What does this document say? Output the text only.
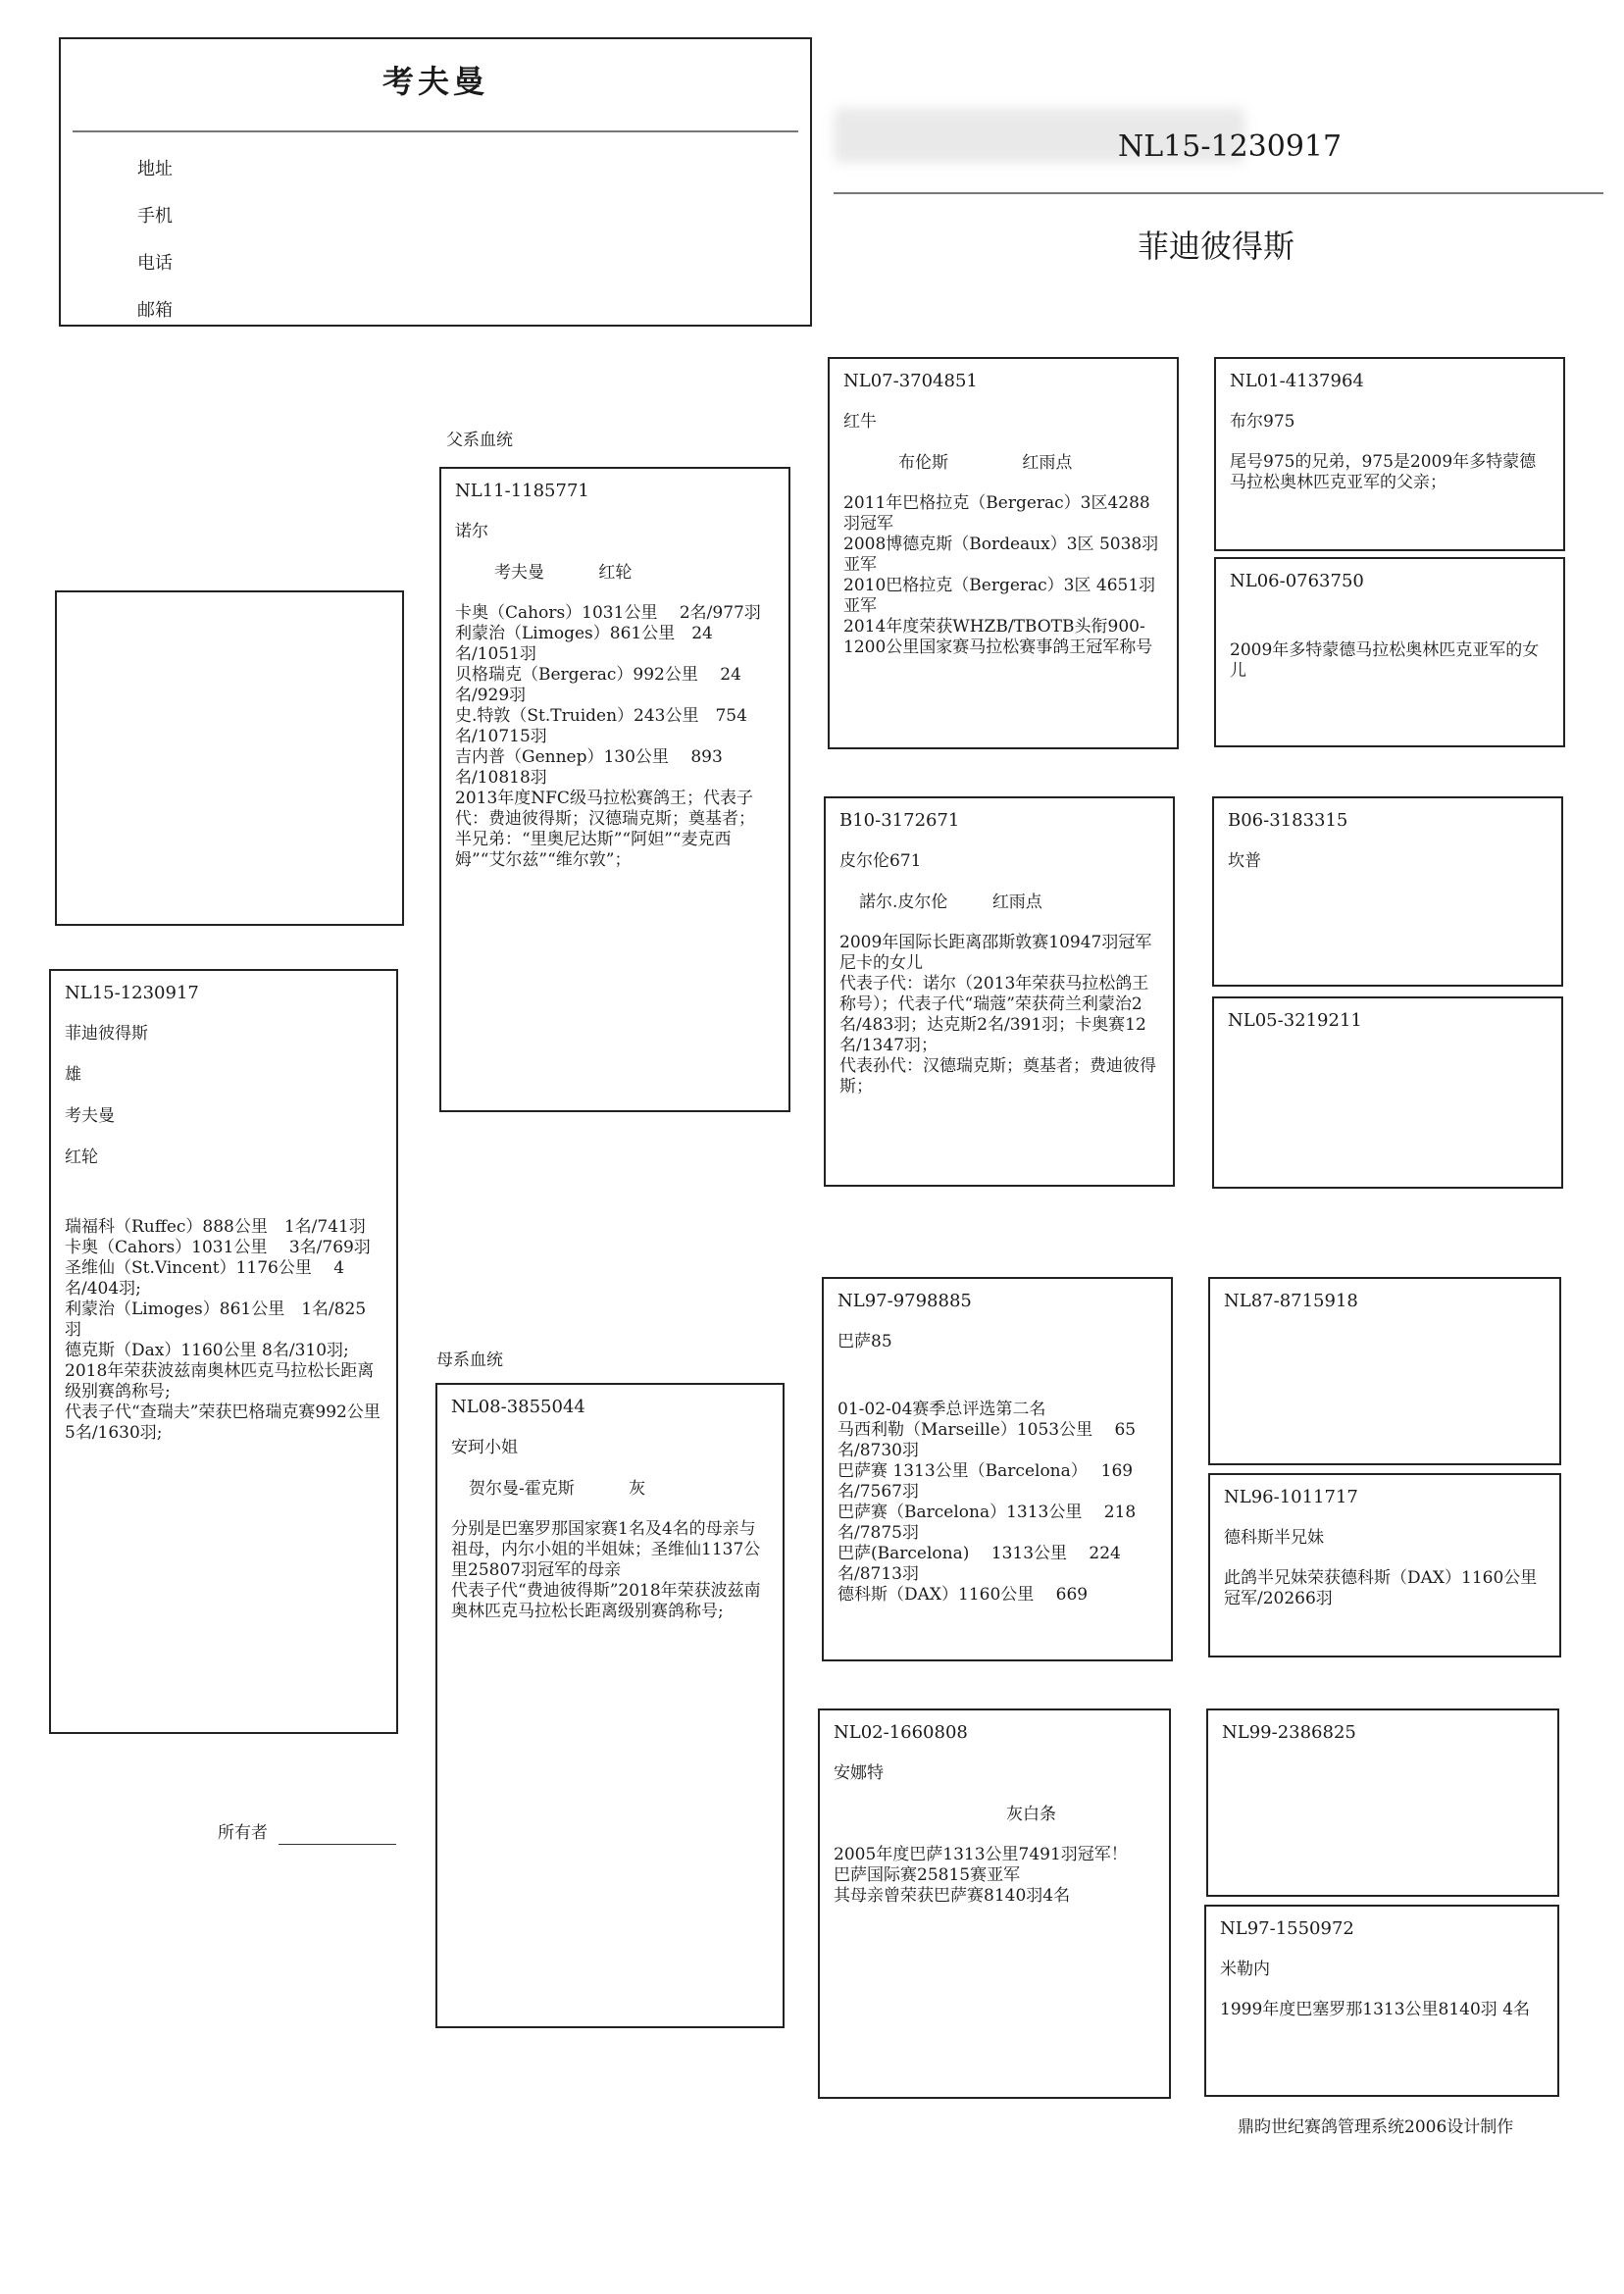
考夫曼
地址
手机
电话
邮箱
NL15-1230917
菲迪彼得斯
NL15-1230917
菲迪彼得斯
雄
考夫曼
红轮
瑞福科（Ruffec）888公里　1名/741羽
卡奥（Cahors）1031公里　 3名/769羽
圣维仙（St.Vincent）1176公里　 4名/404羽;
利蒙治（Limoges）861公里　1名/825羽
德克斯（Dax）1160公里 8名/310羽;
2018年荣获波兹南奥林匹克马拉松长距离级别赛鸽称号;
代表子代“查瑞夫”荣获巴格瑞克赛992公里5名/1630羽;
父系血统
母系血统
NL11-1185771
诺尔
考夫曼	红轮
卡奥（Cahors）1031公里　 2名/977羽
利蒙治（Limoges）861公里　24名/1051羽
贝格瑞克（Bergerac）992公里　 24名/929羽
史.特敦（St.Truiden）243公里　754名/10715羽
吉内普（Gennep）130公里　 893名/10818羽
2013年度NFC级马拉松赛鸽王；代表子代：费迪彼得斯；汉德瑞克斯；奠基者；
半兄弟：“里奥尼达斯”“阿妲”“麦克西姆”“艾尔兹”“维尔敦”；
NL08-3855044
安珂小姐
贺尔曼-霍克斯	灰
分别是巴塞罗那国家赛1名及4名的母亲与祖母，内尔小姐的半姐妹；圣维仙1137公里25807羽冠军的母亲
代表子代“费迪彼得斯”2018年荣获波兹南奥林匹克马拉松长距离级别赛鸽称号;
NL07-3704851
红牛
布伦斯	红雨点
2011年巴格拉克（Bergerac）3区4288羽冠军
2008博德克斯（Bordeaux）3区 5038羽 亚军
2010巴格拉克（Bergerac）3区 4651羽亚军
2014年度荣获WHZB/TBOTB头衔900-1200公里国家赛马拉松赛事鸽王冠军称号
B10-3172671
皮尔伦671
諾尔.皮尔伦	红雨点
2009年国际长距离邵斯敦赛10947羽冠军尼卡的女儿
代表子代：诺尔（2013年荣获马拉松鸽王称号）；代表子代“瑞蔻”荣获荷兰利蒙治2名/483羽；达克斯2名/391羽；卡奥赛12名/1347羽；
代表孙代：汉德瑞克斯；奠基者；费迪彼得斯；
NL97-9798885
巴萨85
01-02-04赛季总评选第二名
马西利勒（Marseille）1053公里　 65名/8730羽
巴萨赛 1313公里（Barcelona）　 169名/7567羽
巴萨赛（Barcelona）1313公里　 218名/7875羽
巴萨(Barcelona)　 1313公里　 224名/8713羽
德科斯（DAX）1160公里　 669
NL02-1660808
安娜特
灰白条
2005年度巴萨1313公里7491羽冠军！
巴萨国际赛25815赛亚军
其母亲曾荣获巴萨赛8140羽4名
NL01-4137964
布尔975
尾号975的兄弟，975是2009年多特蒙德马拉松奥林匹克亚军的父亲；
NL06-0763750
2009年多特蒙德马拉松奥林匹克亚军的女儿
B06-3183315
坎普
NL05-3219211
NL87-8715918
NL96-1011717
德科斯半兄妹
此鸽半兄妹荣获德科斯（DAX）1160公里 冠军/20266羽
NL99-2386825
NL97-1550972
米勒内
1999年度巴塞罗那1313公里8140羽 4名
所有者
鼎昀世纪赛鸽管理系统2006设计制作
